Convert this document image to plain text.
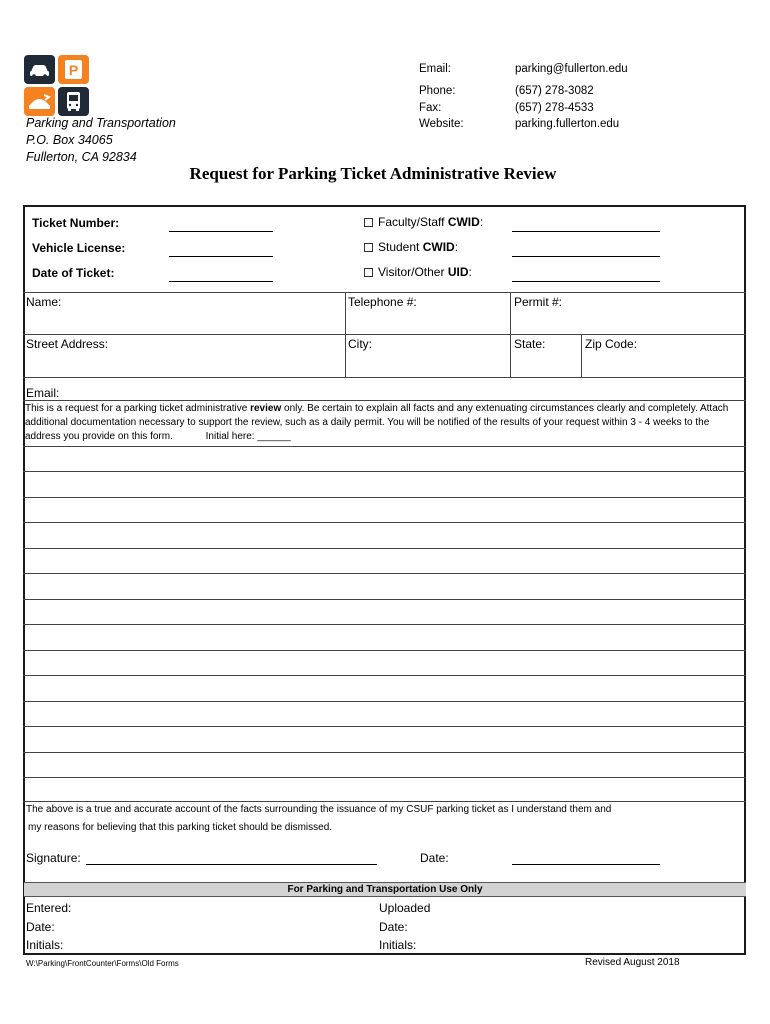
P
Parking and Transportation
P.O. Box 34065
Fullerton, CA 92834
Email:	parking@fullerton.edu
Phone:	(657) 278-3082
Fax:	(657) 278-4533
Website:	parking.fullerton.edu
Request for Parking Ticket Administrative Review
Ticket Number:
Vehicle License:
Date of Ticket:
Faculty/Staff CWID:
Student CWID:
Visitor/Other UID:
Name:	Telephone #:	Permit #:
Street Address:	City:	State:	Zip Code:
Email:
This is a request for a parking ticket administrative review only. Be certain to explain all facts and any extenuating circumstances clearly and completely. Attach additional documentation necessary to support the review, such as a daily permit. You will be notified of the results of your request within 3 - 4 weeks to the address you provide on this form.	Initial here: ______
The above is a true and accurate account of the facts surrounding the issuance of my CSUF parking ticket as I understand them and
my reasons for believing that this parking ticket should be dismissed.
Signature:	Date:
For Parking and Transportation Use Only
Entered:
Date:
Initials:
Uploaded
Date:
Initials:
W:\Parking\FrontCounter\Forms\Old Forms	Revised August 2018
